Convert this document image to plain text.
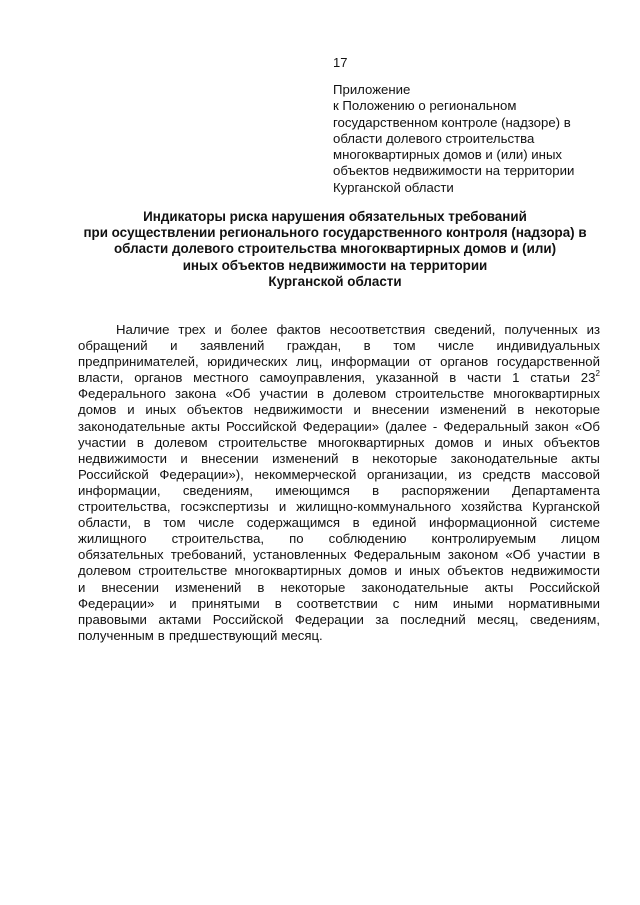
17
Приложение
к Положению о региональном
государственном контроле (надзоре) в
области долевого строительства
многоквартирных домов и (или) иных
объектов недвижимости на территории
Курганской области
Индикаторы риска нарушения обязательных требований
при осуществлении регионального государственного контроля (надзора) в
области долевого строительства многоквартирных домов и (или)
иных объектов недвижимости на территории
Курганской области
Наличие трех и более фактов несоответствия сведений, полученных из
обращений и заявлений граждан, в том числе индивидуальных
предпринимателей, юридических лиц, информации от органов государственной
власти, органов местного самоуправления, указанной в части 1 статьи $23^2$
Федерального закона «Об участии в долевом строительстве многоквартирных
домов и иных объектов недвижимости и внесении изменений в некоторые
законодательные акты Российской Федерации» (далее - Федеральный закон «Об
участии в долевом строительстве многоквартирных домов и иных объектов
недвижимости и внесении изменений в некоторые законодательные акты
Российской Федерации»), некоммерческой организации, из средств массовой
информации, сведениям, имеющимся в распоряжении Департамента
строительства, госэкспертизы и жилищно-коммунального хозяйства Курганской
области, в том числе содержащимся в единой информационной системе
жилищного строительства, по соблюдению контролируемым лицом
обязательных требований, установленных Федеральным законом «Об участии в
долевом строительстве многоквартирных домов и иных объектов недвижимости
и внесении изменений в некоторые законодательные акты Российской
Федерации» и принятыми в соответствии с ним иными нормативными
правовыми актами Российской Федерации за последний месяц, сведениям,
полученным в предшествующий месяц.
